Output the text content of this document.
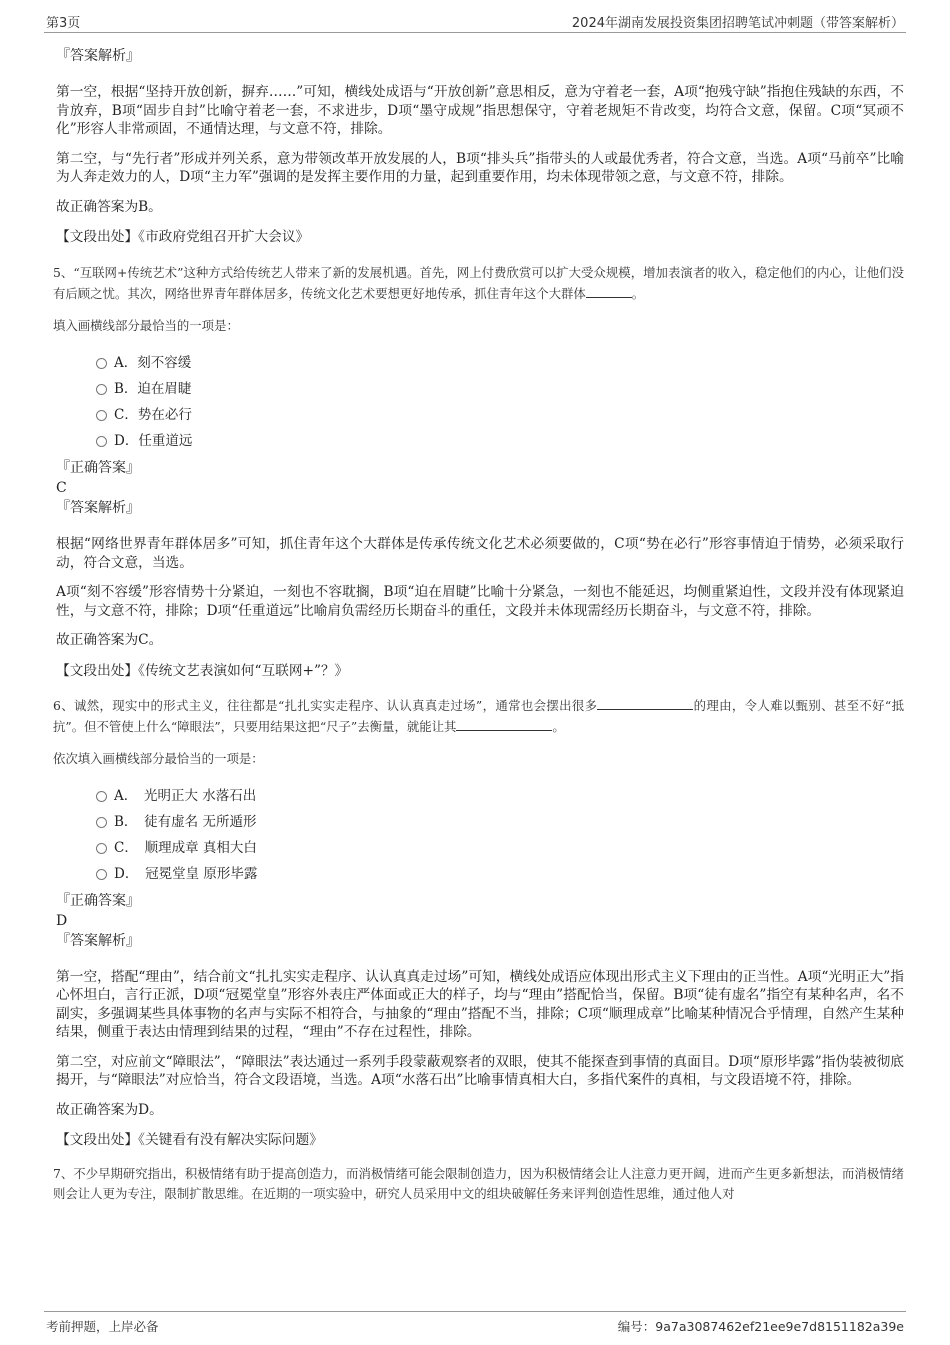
第3页	2024年湖南发展投资集团招聘笔试冲刺题（带答案解析）

『答案解析』

第一空，根据“坚持开放创新，摒弃……”可知，横线处成语与“开放创新”意思相反，意为守着老一套，A项“抱残守缺”指抱住残缺的东西，不肯放弃，B项“固步自封”比喻守着老一套，不求进步，D项“墨守成规”指思想保守，守着老规矩不肯改变，均符合文意，保留。C项“冥顽不化”形容人非常顽固，不通情达理，与文意不符，排除。

第二空，与“先行者”形成并列关系，意为带领改革开放发展的人，B项“排头兵”指带头的人或最优秀者，符合文意，当选。A项“马前卒”比喻为人奔走效力的人，D项“主力军”强调的是发挥主要作用的力量，起到重要作用，均未体现带领之意，与文意不符，排除。

故正确答案为B。

【文段出处】《市政府党组召开扩大会议》

5、“互联网+传统艺术”这种方式给传统艺人带来了新的发展机遇。首先，网上付费欣赏可以扩大受众规模，增加表演者的收入，稳定他们的内心，让他们没有后顾之忧。其次，网络世界青年群体居多，传统文化艺术要想更好地传承，抓住青年这个大群体	。

填入画横线部分最恰当的一项是：

A．刻不容缓
B．迫在眉睫
C．势在必行
D．任重道远

『正确答案』

C

『答案解析』

根据“网络世界青年群体居多”可知，抓住青年这个大群体是传承传统文化艺术必须要做的，C项“势在必行”形容事情迫于情势，必须采取行动，符合文意，当选。

A项“刻不容缓”形容情势十分紧迫，一刻也不容耽搁，B项“迫在眉睫”比喻十分紧急，一刻也不能延迟，均侧重紧迫性，文段并没有体现紧迫性，与文意不符，排除；D项“任重道远”比喻肩负需经历长期奋斗的重任，文段并未体现需经历长期奋斗，与文意不符，排除。

故正确答案为C。

【文段出处】《传统文艺表演如何“互联网+”？》

6、诚然，现实中的形式主义，往往都是“扎扎实实走程序、认认真真走过场”，通常也会摆出很多	的理由，令人难以甄别、甚至不好“抵抗”。但不管使上什么“障眼法”，只要用结果这把“尺子”去衡量，就能让其	。

依次填入画横线部分最恰当的一项是：

A．　光明正大 水落石出
B．　徒有虚名 无所遁形
C．　顺理成章 真相大白
D．　冠冕堂皇 原形毕露

『正确答案』

D

『答案解析』

第一空，搭配“理由”，结合前文“扎扎实实走程序、认认真真走过场”可知，横线处成语应体现出形式主义下理由的正当性。A项“光明正大”指心怀坦白，言行正派，D项“冠冕堂皇”形容外表庄严体面或正大的样子，均与“理由”搭配恰当，保留。B项“徒有虚名”指空有某种名声，名不副实，多强调某些具体事物的名声与实际不相符合，与抽象的“理由”搭配不当，排除；C项“顺理成章”比喻某种情况合乎情理，自然产生某种结果，侧重于表达由情理到结果的过程，“理由”不存在过程性，排除。

第二空，对应前文“障眼法”，“障眼法”表达通过一系列手段蒙蔽观察者的双眼，使其不能探查到事情的真面目。D项“原形毕露”指伪装被彻底揭开，与“障眼法”对应恰当，符合文段语境，当选。A项“水落石出”比喻事情真相大白，多指代案件的真相，与文段语境不符，排除。

故正确答案为D。

【文段出处】《关键看有没有解决实际问题》

7、不少早期研究指出，积极情绪有助于提高创造力，而消极情绪可能会限制创造力，因为积极情绪会让人注意力更开阔，进而产生更多新想法，而消极情绪则会让人更为专注，限制扩散思维。在近期的一项实验中，研究人员采用中文的组块破解任务来评判创造性思维，通过他人对

考前押题，上岸必备	编号：9a7a3087462ef21ee9e7d8151182a39e
